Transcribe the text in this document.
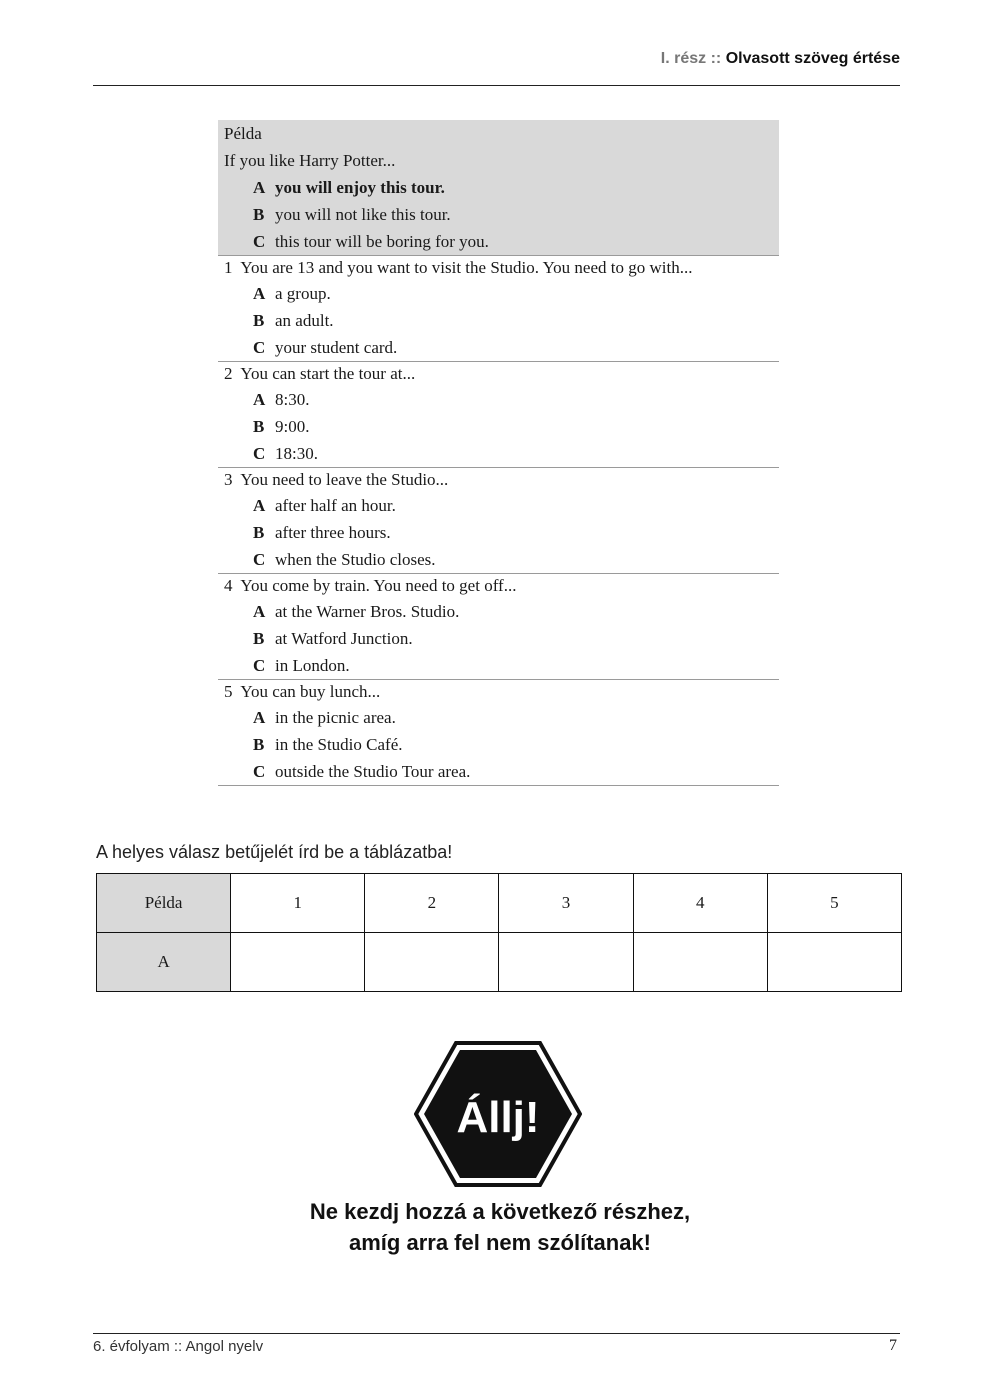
I. rész :: Olvasott szöveg értése
Példa
If you like Harry Potter...
A you will enjoy this tour.
B you will not like this tour.
C this tour will be boring for you.
1 You are 13 and you want to visit the Studio. You need to go with...
A a group.
B an adult.
C your student card.
2 You can start the tour at...
A 8:30.
B 9:00.
C 18:30.
3 You need to leave the Studio...
A after half an hour.
B after three hours.
C when the Studio closes.
4 You come by train. You need to get off...
A at the Warner Bros. Studio.
B at Watford Junction.
C in London.
5 You can buy lunch...
A in the picnic area.
B in the Studio Café.
C outside the Studio Tour area.
A helyes válasz betűjelét írd be a táblázatba!
Példa	1	2	3	4	5
A					
Állj!
Ne kezdj hozzá a következő részhez,
amíg arra fel nem szólítanak!
6. évfolyam :: Angol nyelv	7
